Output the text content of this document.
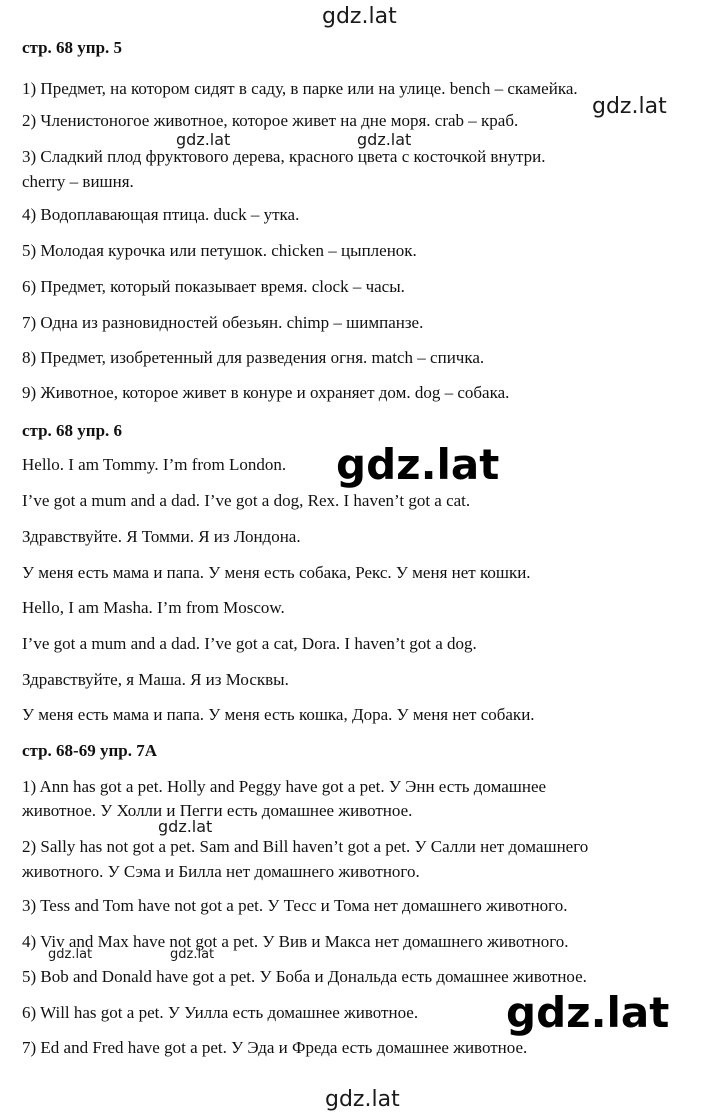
стр. 68 упр. 5
1) Предмет, на котором сидят в саду, в парке или на улице. bench – скамейка.
2) Членистоногое животное, которое живет на дне моря. crab – краб.
3) Сладкий плод фруктового дерева, красного цвета с косточкой внутри.
cherry – вишня.
4) Водоплавающая птица. duck – утка.
5) Молодая курочка или петушок. chicken – цыпленок.
6) Предмет, который показывает время. clock – часы.
7) Одна из разновидностей обезьян. chimp – шимпанзе.
8) Предмет, изобретенный для разведения огня. match – спичка.
9) Животное, которое живет в конуре и охраняет дом. dog – собака.
стр. 68 упр. 6
Hello. I am Tommy. I’m from London.
I’ve got a mum and a dad. I’ve got a dog, Rex. I haven’t got a cat.
Здравствуйте. Я Томми. Я из Лондона.
У меня есть мама и папа. У меня есть собака, Рекс. У меня нет кошки.
Hello, I am Masha. I’m from Moscow.
I’ve got a mum and a dad. I’ve got a cat, Dora. I haven’t got a dog.
Здравствуйте, я Маша. Я из Москвы.
У меня есть мама и папа. У меня есть кошка, Дора. У меня нет собаки.
стр. 68-69 упр. 7А
1) Ann has got a pet. Holly and Peggy have got a pet. У Энн есть домашнее
животное. У Холли и Пегги есть домашнее животное.
2) Sally has not got a pet. Sam and Bill haven’t got a pet. У Салли нет домашнего
животного. У Сэма и Билла нет домашнего животного.
3) Tess and Tom have not got a pet. У Тесс и Тома нет домашнего животного.
4) Viv and Max have not got a pet. У Вив и Макса нет домашнего животного.
5) Bob and Donald have got a pet. У Боба и Дональда есть домашнее животное.
6) Will has got a pet. У Уилла есть домашнее животное.
7) Ed and Fred have got a pet. У Эда и Фреда есть домашнее животное.
gdz.lat
gdz.lat
gdz.lat	gdz.lat
gdz.lat
gdz.lat
gdz.lat	gdz.lat
gdz.lat
gdz.lat
